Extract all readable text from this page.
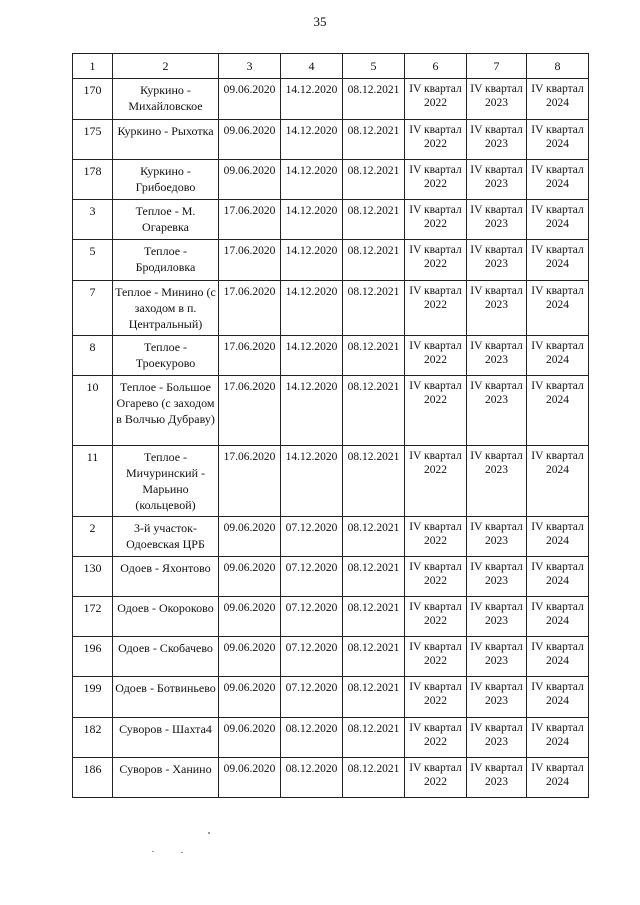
35
1	2	3	4	5	6	7	8
170	Куркино - Михайловское	09.06.2020	14.12.2020	08.12.2021	IV квартал 2022	IV квартал 2023	IV квартал 2024
175	Куркино - Рыхотка	09.06.2020	14.12.2020	08.12.2021	IV квартал 2022	IV квартал 2023	IV квартал 2024
178	Куркино - Грибоедово	09.06.2020	14.12.2020	08.12.2021	IV квартал 2022	IV квартал 2023	IV квартал 2024
3	Теплое - М. Огаревка	17.06.2020	14.12.2020	08.12.2021	IV квартал 2022	IV квартал 2023	IV квартал 2024
5	Теплое - Бродиловка	17.06.2020	14.12.2020	08.12.2021	IV квартал 2022	IV квартал 2023	IV квартал 2024
7	Теплое - Минино (с заходом в п. Центральный)	17.06.2020	14.12.2020	08.12.2021	IV квартал 2022	IV квартал 2023	IV квартал 2024
8	Теплое - Троекурово	17.06.2020	14.12.2020	08.12.2021	IV квартал 2022	IV квартал 2023	IV квартал 2024
10	Теплое - Большое Огарево (с заходом в Волчью Дубраву)	17.06.2020	14.12.2020	08.12.2021	IV квартал 2022	IV квартал 2023	IV квартал 2024
11	Теплое - Мичуринский - Марьино (кольцевой)	17.06.2020	14.12.2020	08.12.2021	IV квартал 2022	IV квартал 2023	IV квартал 2024
2	3-й участок-Одоевская ЦРБ	09.06.2020	07.12.2020	08.12.2021	IV квартал 2022	IV квартал 2023	IV квартал 2024
130	Одоев - Яхонтово	09.06.2020	07.12.2020	08.12.2021	IV квартал 2022	IV квартал 2023	IV квартал 2024
172	Одоев - Окороково	09.06.2020	07.12.2020	08.12.2021	IV квартал 2022	IV квартал 2023	IV квартал 2024
196	Одоев - Скобачево	09.06.2020	07.12.2020	08.12.2021	IV квартал 2022	IV квартал 2023	IV квартал 2024
199	Одоев - Ботвиньево	09.06.2020	07.12.2020	08.12.2021	IV квартал 2022	IV квартал 2023	IV квартал 2024
182	Суворов - Шахта4	09.06.2020	08.12.2020	08.12.2021	IV квартал 2022	IV квартал 2023	IV квартал 2024
186	Суворов - Ханино	09.06.2020	08.12.2020	08.12.2021	IV квартал 2022	IV квартал 2023	IV квартал 2024
